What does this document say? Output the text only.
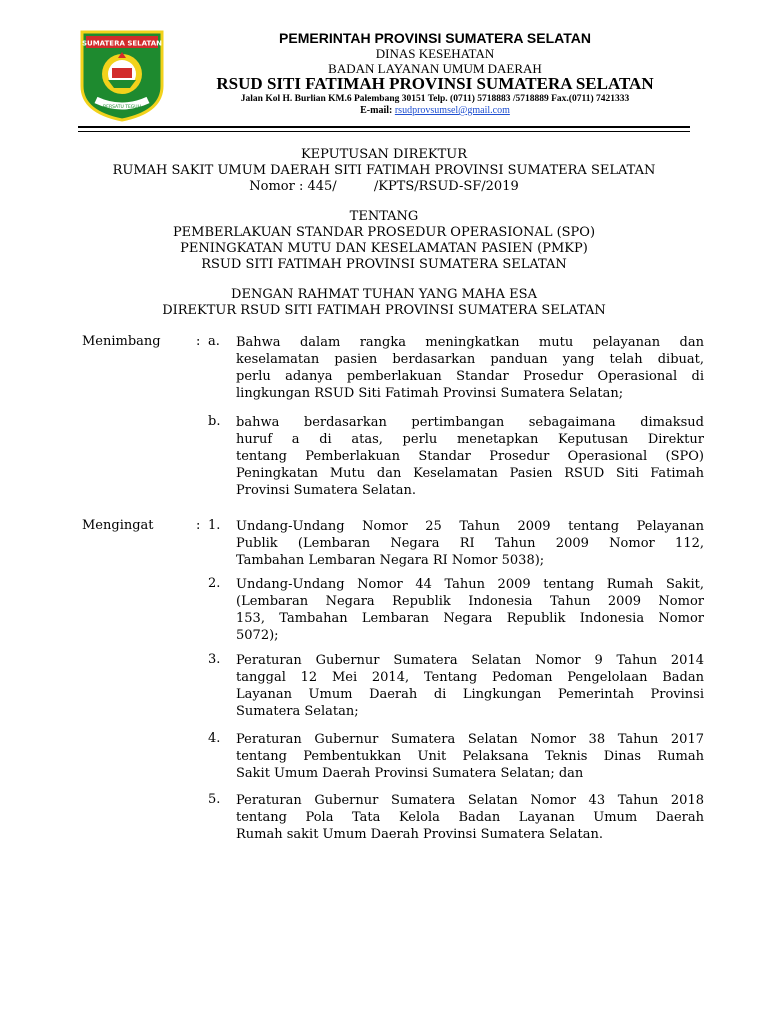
SUMATERA SELATAN
BERSATU TEGUH
PEMERINTAH PROVINSI SUMATERA SELATAN
DINAS KESEHATAN
BADAN LAYANAN UMUM DAERAH
RSUD SITI FATIMAH PROVINSI SUMATERA SELATAN
Jalan Kol H. Burlian KM.6 Palembang 30151 Telp. (0711) 5718883 /5718889 Fax.(0711) 7421333
E-mail: rsudprovsumsel@gmail.com
KEPUTUSAN DIREKTUR
RUMAH SAKIT UMUM DAERAH SITI FATIMAH PROVINSI SUMATERA SELATAN
Nomor : 445/         /KPTS/RSUD-SF/2019
TENTANG
PEMBERLAKUAN STANDAR PROSEDUR OPERASIONAL (SPO)
PENINGKATAN MUTU DAN KESELAMATAN PASIEN (PMKP)
RSUD SITI FATIMAH PROVINSI SUMATERA SELATAN
DENGAN RAHMAT TUHAN YANG MAHA ESA
DIREKTUR RSUD SITI FATIMAH PROVINSI SUMATERA SELATAN
Menimbang	: a. Bahwa dalam rangka meningkatkan mutu pelayanan dan
keselamatan pasien berdasarkan panduan yang telah dibuat,
perlu adanya pemberlakuan Standar Prosedur Operasional di
lingkungan RSUD Siti Fatimah Provinsi Sumatera Selatan;
b. bahwa berdasarkan pertimbangan sebagaimana dimaksud
huruf a di atas, perlu menetapkan Keputusan Direktur
tentang Pemberlakuan Standar Prosedur Operasional (SPO)
Peningkatan Mutu dan Keselamatan Pasien RSUD Siti Fatimah
Provinsi Sumatera Selatan.
Mengingat	: 1. Undang-Undang Nomor 25 Tahun 2009 tentang Pelayanan
Publik (Lembaran Negara RI Tahun 2009 Nomor 112,
Tambahan Lembaran Negara RI Nomor 5038);
2. Undang-Undang Nomor 44 Tahun 2009 tentang Rumah Sakit,
(Lembaran Negara Republik Indonesia Tahun 2009 Nomor
153, Tambahan Lembaran Negara Republik Indonesia Nomor
5072);
3. Peraturan Gubernur Sumatera Selatan Nomor 9 Tahun 2014
tanggal 12 Mei 2014, Tentang Pedoman Pengelolaan Badan
Layanan Umum Daerah di Lingkungan Pemerintah Provinsi
Sumatera Selatan;
4. Peraturan Gubernur Sumatera Selatan Nomor 38 Tahun 2017
tentang Pembentukkan Unit Pelaksana Teknis Dinas Rumah
Sakit Umum Daerah Provinsi Sumatera Selatan; dan
5. Peraturan Gubernur Sumatera Selatan Nomor 43 Tahun 2018
tentang Pola Tata Kelola Badan Layanan Umum Daerah
Rumah sakit Umum Daerah Provinsi Sumatera Selatan.
